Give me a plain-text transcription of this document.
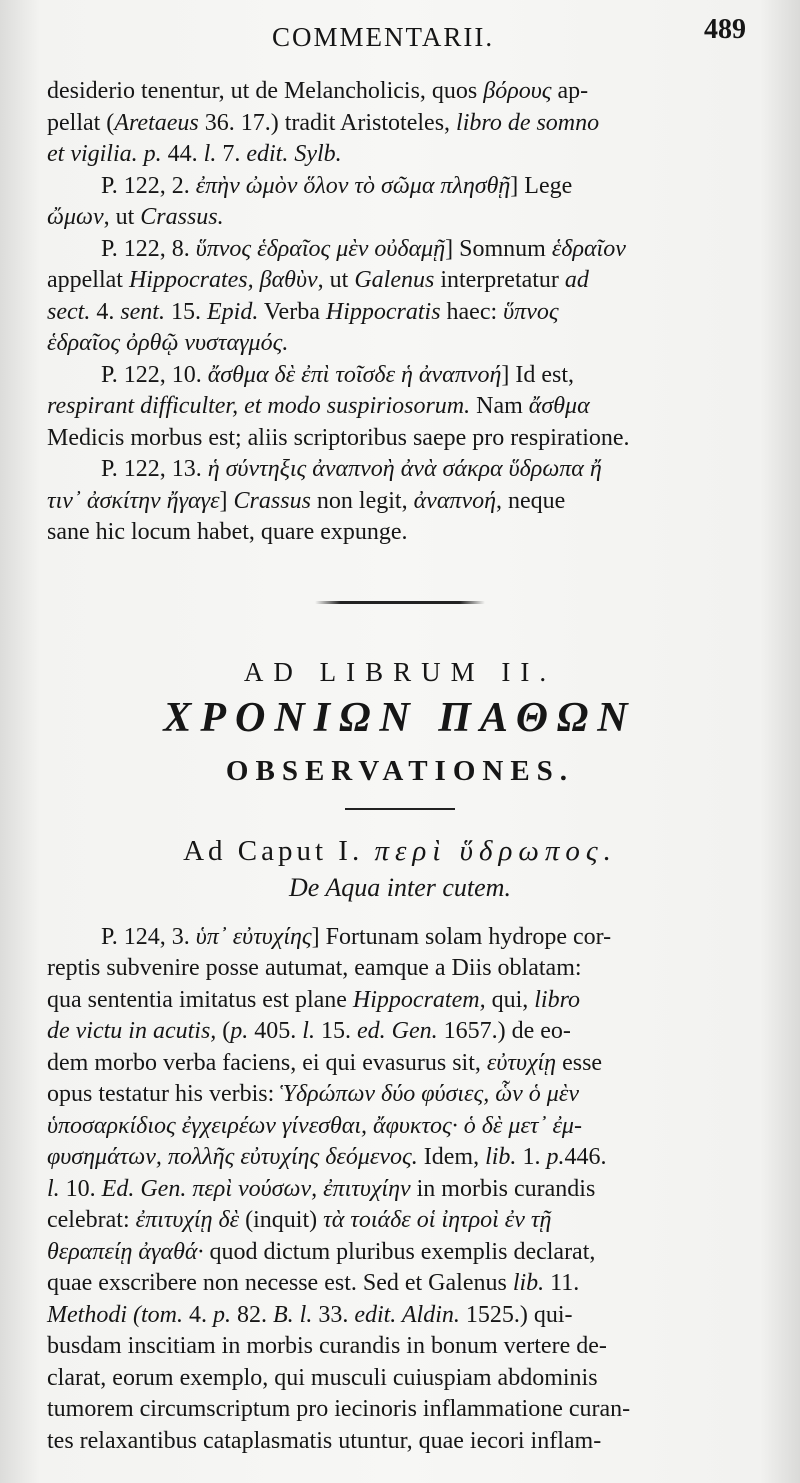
COMMENTARII.	489

desiderio tenentur, ut de Melancholicis, quos βόρους ap-

pellat (Aretaeus 36. 17.) tradit Aristoteles, libro de somno

et vigilia. p. 44. l. 7. edit. Sylb.

P. 122, 2. ἐπὴν ὠμὸν ὅλον τὸ σῶμα πλησθῇ] Lege

ὤμων, ut Crassus.

P. 122, 8. ὕπνος ἑδραῖος μὲν οὐδαμῇ] Somnum ἑδραῖον

appellat Hippocrates, βαθὺν, ut Galenus interpretatur ad

sect. 4. sent. 15. Epid. Verba Hippocratis haec: ὕπνος

ἑδραῖος ὀρθῷ νυσταγμός.

P. 122, 10. ἄσθμα δὲ ἐπὶ τοῖσδε ἡ ἀναπνοή] Id est,

respirant difficulter, et modo suspiriosorum. Nam ἄσθμα

Medicis morbus est; aliis scriptoribus saepe pro respiratione.

P. 122, 13. ἡ σύντηξις ἀναπνοὴ ἀνὰ σάκρα ὕδρωπα ἤ

τιν᾽ ἀσκίτην ἤγαγε] Crassus non legit, ἀναπνοή, neque

sane hic locum habet, quare expunge.

AD LIBRUM II.
ΧΡΟΝΙΩΝ ΠΑΘΩΝ
OBSERVATIONES.
Ad Caput I. περὶ ὕδρωπος.
De Aqua inter cutem.

P. 124, 3. ὑπ᾽ εὐτυχίης] Fortunam solam hydrope cor-

reptis subvenire posse autumat, eamque a Diis oblatam:

qua sententia imitatus est plane Hippocratem, qui, libro

de victu in acutis, (p. 405. l. 15. ed. Gen. 1657.) de eo-

dem morbo verba faciens, ei qui evasurus sit, εὐτυχίῃ esse

opus testatur his verbis: Ὑδρώπων δύο φύσιες, ὧν ὁ μὲν

ὑποσαρκίδιος ἐγχειρέων γίνεσθαι, ἄφυκτος· ὁ δὲ μετ᾽ ἐμ-

φυσημάτων, πολλῆς εὐτυχίης δεόμενος. Idem, lib. 1. p.446.

l. 10. Ed. Gen. περὶ νούσων, ἐπιτυχίην in morbis curandis

celebrat: ἐπιτυχίῃ δὲ (inquit) τὰ τοιάδε οἱ ἰητροὶ ἐν τῇ

θεραπείῃ ἀγαθά· quod dictum pluribus exemplis declarat,

quae exscribere non necesse est. Sed et Galenus lib. 11.

Methodi (tom. 4. p. 82. B. l. 33. edit. Aldin. 1525.) qui-

busdam inscitiam in morbis curandis in bonum vertere de-

clarat, eorum exemplo, qui musculi cuiuspiam abdominis

tumorem circumscriptum pro iecinoris inflammatione curan-

tes relaxantibus cataplasmatis utuntur, quae iecori inflam-
